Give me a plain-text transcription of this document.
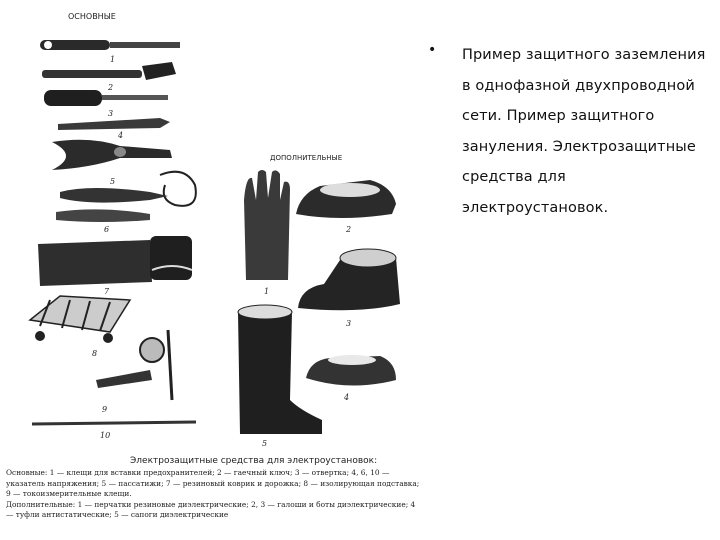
ОСНОВНЫЕ
ДОПОЛНИТЕЛЬНЫЕ
1
2
3
4
5
6
7
8
9
10
1
2
3
4
5
Электрозащитные средства для электроустановок:

Основные: 1 — клещи для вставки предохранителей; 2 — гаечный ключ; 3 — отвертка; 4, 6, 10 — указатель напряжения; 5 — пассатижи; 7 — резиновый коврик и дорожка; 8 — изолирующая подставка; 9 — токоизмерительные клещи.

Дополнительные: 1 — перчатки резиновые диэлектрические; 2, 3 — галоши и боты диэлектрические; 4 — туфли антистатические; 5 — сапоги диэлектрические

• Пример защитного заземления в однофазной двухпроводной сети. Пример защитного зануления. Электрозащитные средства для электроустановок.
